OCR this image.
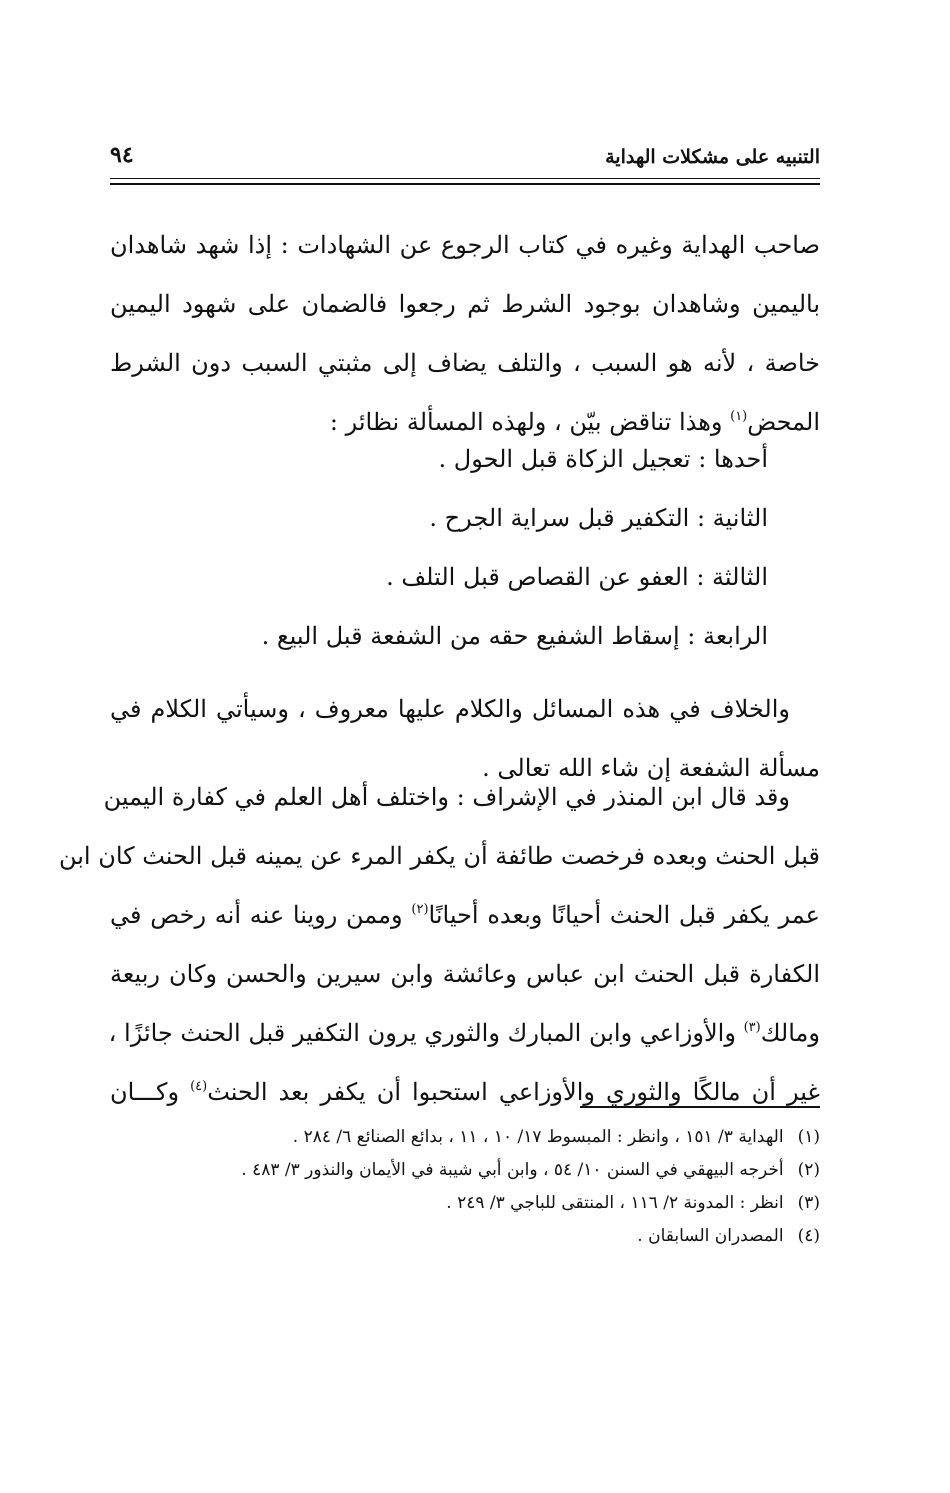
التنبيه على مشكلات الهداية
٩٤
صاحب الهداية وغيره في كتاب الرجوع عن الشهادات : إذا شهد شاهدان
باليمين وشاهدان بوجود الشرط ثم رجعوا فالضمان على شهود اليمين
خاصة ، لأنه هو السبب ، والتلف يضاف إلى مثبتي السبب دون الشرط
المحض$^{(١)}$ وهذا تناقض بيّن ، ولهذه المسألة نظائر :
أحدها : تعجيل الزكاة قبل الحول .
الثانية : التكفير قبل سراية الجرح .
الثالثة : العفو عن القصاص قبل التلف .
الرابعة : إسقاط الشفيع حقه من الشفعة قبل البيع .
والخلاف في هذه المسائل والكلام عليها معروف ، وسيأتي الكلام في
مسألة الشفعة إن شاء الله تعالى .
وقد قال ابن المنذر في الإشراف : واختلف أهل العلم في كفارة اليمين
قبل الحنث وبعده فرخصت طائفة أن يكفر المرء عن يمينه قبل الحنث كان ابن
عمر يكفر قبل الحنث أحيانًا وبعده أحيانًا$^{(٢)}$ وممن روينا عنه أنه رخص في
الكفارة قبل الحنث ابن عباس وعائشة وابن سيرين والحسن وكان ربيعة
ومالك$^{(٣)}$ والأوزاعي وابن المبارك والثوري يرون التكفير قبل الحنث جائزًا ،
غير أن مالكًا والثوري والأوزاعي استحبوا أن يكفر بعد الحنث$^{(٤)}$ وكـــان
(١)الهداية ٣/ ١٥١ ، وانظر : المبسوط ١٧/ ١٠ ، ١١ ، بدائع الصنائع ٦/ ٢٨٤ .
(٢)أخرجه البيهقي في السنن ١٠/ ٥٤ ، وابن أبي شيبة في الأيمان والنذور ٣/ ٤٨٣ .
(٣)انظر : المدونة ٢/ ١١٦ ، المنتقى للباجي ٣/ ٢٤٩ .
(٤)المصدران السابقان .
